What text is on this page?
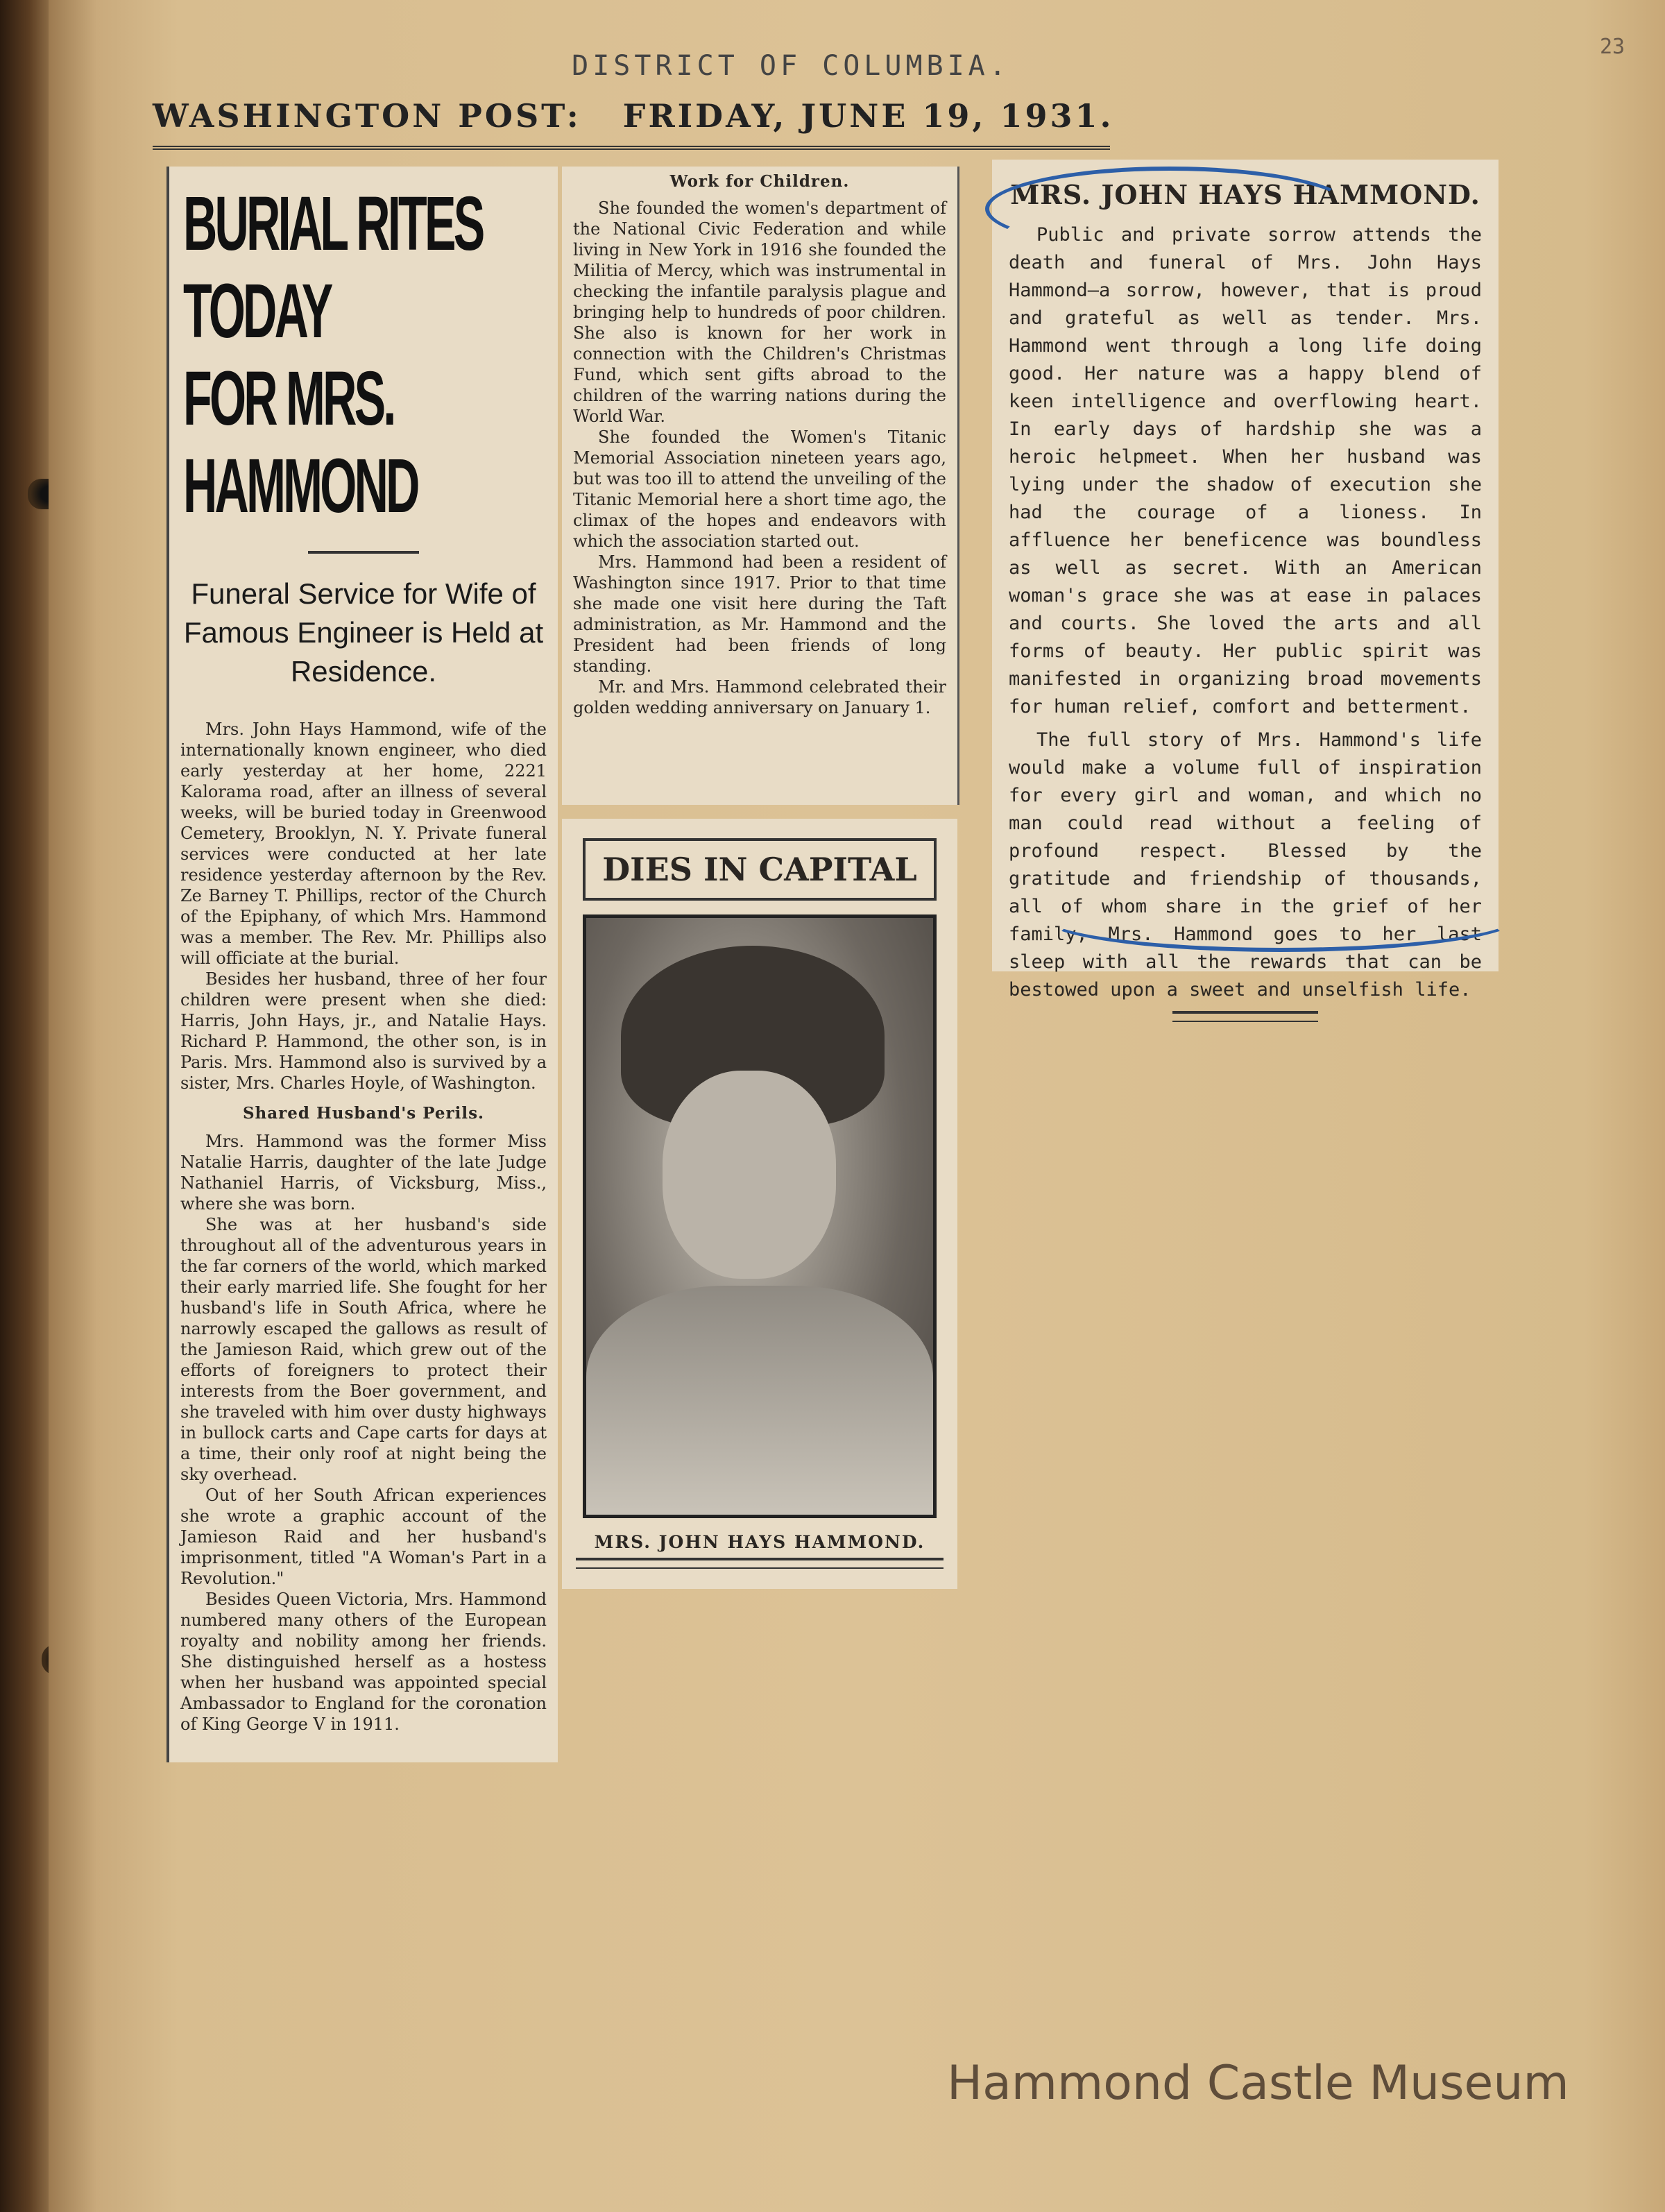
23
DISTRICT OF COLUMBIA.
WASHINGTON POST: FRIDAY, JUNE 19, 1931.
BURIAL RITES TODAY
FOR MRS. HAMMOND
Funeral Service for Wife of Famous Engineer is Held at Residence.

Mrs. John Hays Hammond, wife of the internationally known engineer, who died early yesterday at her home, 2221 Kalorama road, after an illness of several weeks, will be buried today in Greenwood Cemetery, Brooklyn, N. Y. Private funeral services were conducted at her late residence yesterday afternoon by the Rev. Ze Barney T. Phillips, rector of the Church of the Epiphany, of which Mrs. Hammond was a member. The Rev. Mr. Phillips also will officiate at the burial.

Besides her husband, three of her four children were present when she died: Harris, John Hays, jr., and Natalie Hays. Richard P. Hammond, the other son, is in Paris. Mrs. Hammond also is survived by a sister, Mrs. Charles Hoyle, of Washington.

Shared Husband's Perils.

Mrs. Hammond was the former Miss Natalie Harris, daughter of the late Judge Nathaniel Harris, of Vicksburg, Miss., where she was born.

She was at her husband's side throughout all of the adventurous years in the far corners of the world, which marked their early married life. She fought for her husband's life in South Africa, where he narrowly escaped the gallows as result of the Jamieson Raid, which grew out of the efforts of foreigners to protect their interests from the Boer government, and she traveled with him over dusty highways in bullock carts and Cape carts for days at a time, their only roof at night being the sky overhead.

Out of her South African experiences she wrote a graphic account of the Jamieson Raid and her husband's imprisonment, titled "A Woman's Part in a Revolution."

Besides Queen Victoria, Mrs. Hammond numbered many others of the European royalty and nobility among her friends. She distinguished herself as a hostess when her husband was appointed special Ambassador to England for the coronation of King George V in 1911.

Work for Children.

She founded the women's department of the National Civic Federation and while living in New York in 1916 she founded the Militia of Mercy, which was instrumental in checking the infantile paralysis plague and bringing help to hundreds of poor children. She also is known for her work in connection with the Children's Christmas Fund, which sent gifts abroad to the children of the warring nations during the World War.

She founded the Women's Titanic Memorial Association nineteen years ago, but was too ill to attend the unveiling of the Titanic Memorial here a short time ago, the climax of the hopes and endeavors with which the association started out.

Mrs. Hammond had been a resident of Washington since 1917. Prior to that time she made one visit here during the Taft administration, as Mr. Hammond and the President had been friends of long standing.

Mr. and Mrs. Hammond celebrated their golden wedding anniversary on January 1.

DIES IN CAPITAL
MRS. JOHN HAYS HAMMOND.
MRS. JOHN HAYS HAMMOND.

Public and private sorrow attends the death and funeral of Mrs. John Hays Hammond—a sorrow, however, that is proud and grateful as well as tender. Mrs. Hammond went through a long life doing good. Her nature was a happy blend of keen intelligence and overflowing heart. In early days of hardship she was a heroic helpmeet. When her husband was lying under the shadow of execution she had the courage of a lioness. In affluence her beneficence was boundless as well as secret. With an American woman's grace she was at ease in palaces and courts. She loved the arts and all forms of beauty. Her public spirit was manifested in organizing broad movements for human relief, comfort and betterment.

The full story of Mrs. Hammond's life would make a volume full of inspiration for every girl and woman, and which no man could read without a feeling of profound respect. Blessed by the gratitude and friendship of thousands, all of whom share in the grief of her family, Mrs. Hammond goes to her last sleep with all the rewards that can be bestowed upon a sweet and unselfish life.

Hammond Castle Museum
